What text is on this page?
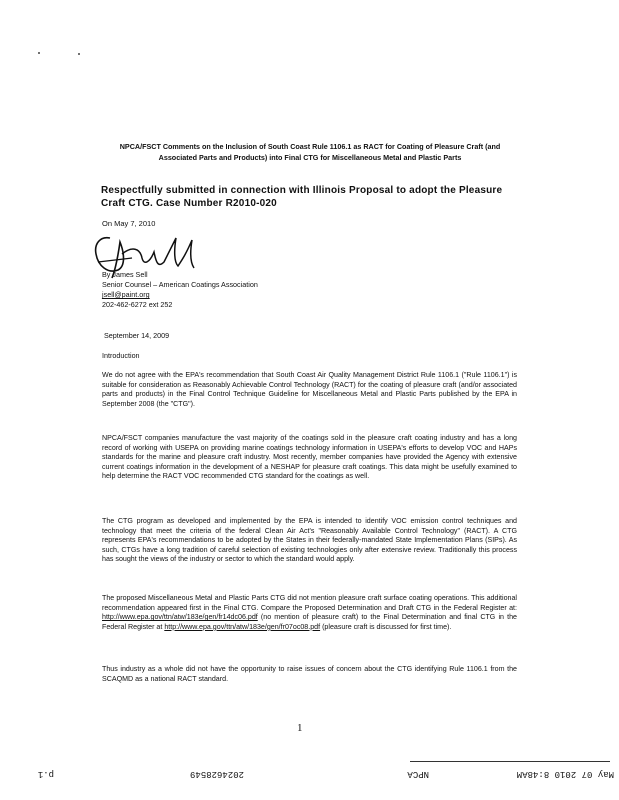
NPCA/FSCT Comments on the Inclusion of South Coast Rule 1106.1 as RACT for Coating of Pleasure Craft (and Associated Parts and Products) into Final CTG for Miscellaneous Metal and Plastic Parts
Respectfully submitted in connection with Illinois Proposal to adopt the Pleasure Craft CTG. Case Number R2010-020
On May 7, 2010
By James Sell
Senior Counsel – American Coatings Association
jsell@paint.org
202-462-6272 ext 252
September 14, 2009
Introduction
We do not agree with the EPA's recommendation that South Coast Air Quality Management District Rule 1106.1 ("Rule 1106.1") is suitable for consideration as Reasonably Achievable Control Technology (RACT) for the coating of pleasure craft (and/or associated parts and products) in the Final Control Technique Guideline for Miscellaneous Metal and Plastic Parts published by the EPA in September 2008 (the "CTG").
NPCA/FSCT companies manufacture the vast majority of the coatings sold in the pleasure craft coating industry and has a long record of working with USEPA on providing marine coatings technology information in USEPA's efforts to develop VOC and HAPs standards for the marine and pleasure craft industry. Most recently, member companies have provided the Agency with extensive current coatings information in the development of a NESHAP for pleasure craft coatings. This data might be usefully examined to help determine the RACT VOC recommended CTG standard for the coatings as well.
The CTG program as developed and implemented by the EPA is intended to identify VOC emission control techniques and technology that meet the criteria of the federal Clean Air Act's "Reasonably Available Control Technology" (RACT). A CTG represents EPA's recommendations to be adopted by the States in their federally-mandated State Implementation Plans (SIPs). As such, CTGs have a long tradition of careful selection of existing technologies only after extensive review. Traditionally this process has sought the views of the industry or sector to which the standard would apply.
The proposed Miscellaneous Metal and Plastic Parts CTG did not mention pleasure craft surface coating operations. This additional recommendation appeared first in the Final CTG. Compare the Proposed Determination and Draft CTG in the Federal Register at: http://www.epa.gov/ttn/atw/183e/gen/fr14dc06.pdf (no mention of pleasure craft) to the Final Determination and final CTG in the Federal Register at http://www.epa.gov/ttn/atw/183e/gen/fr07oc08.pdf (pleasure craft is discussed for first time).
Thus industry as a whole did not have the opportunity to raise issues of concern about the CTG identifying Rule 1106.1 from the SCAQMD as a national RACT standard.
1
May 07 2010 8:48AM
NPCA
2024628549
p.1
